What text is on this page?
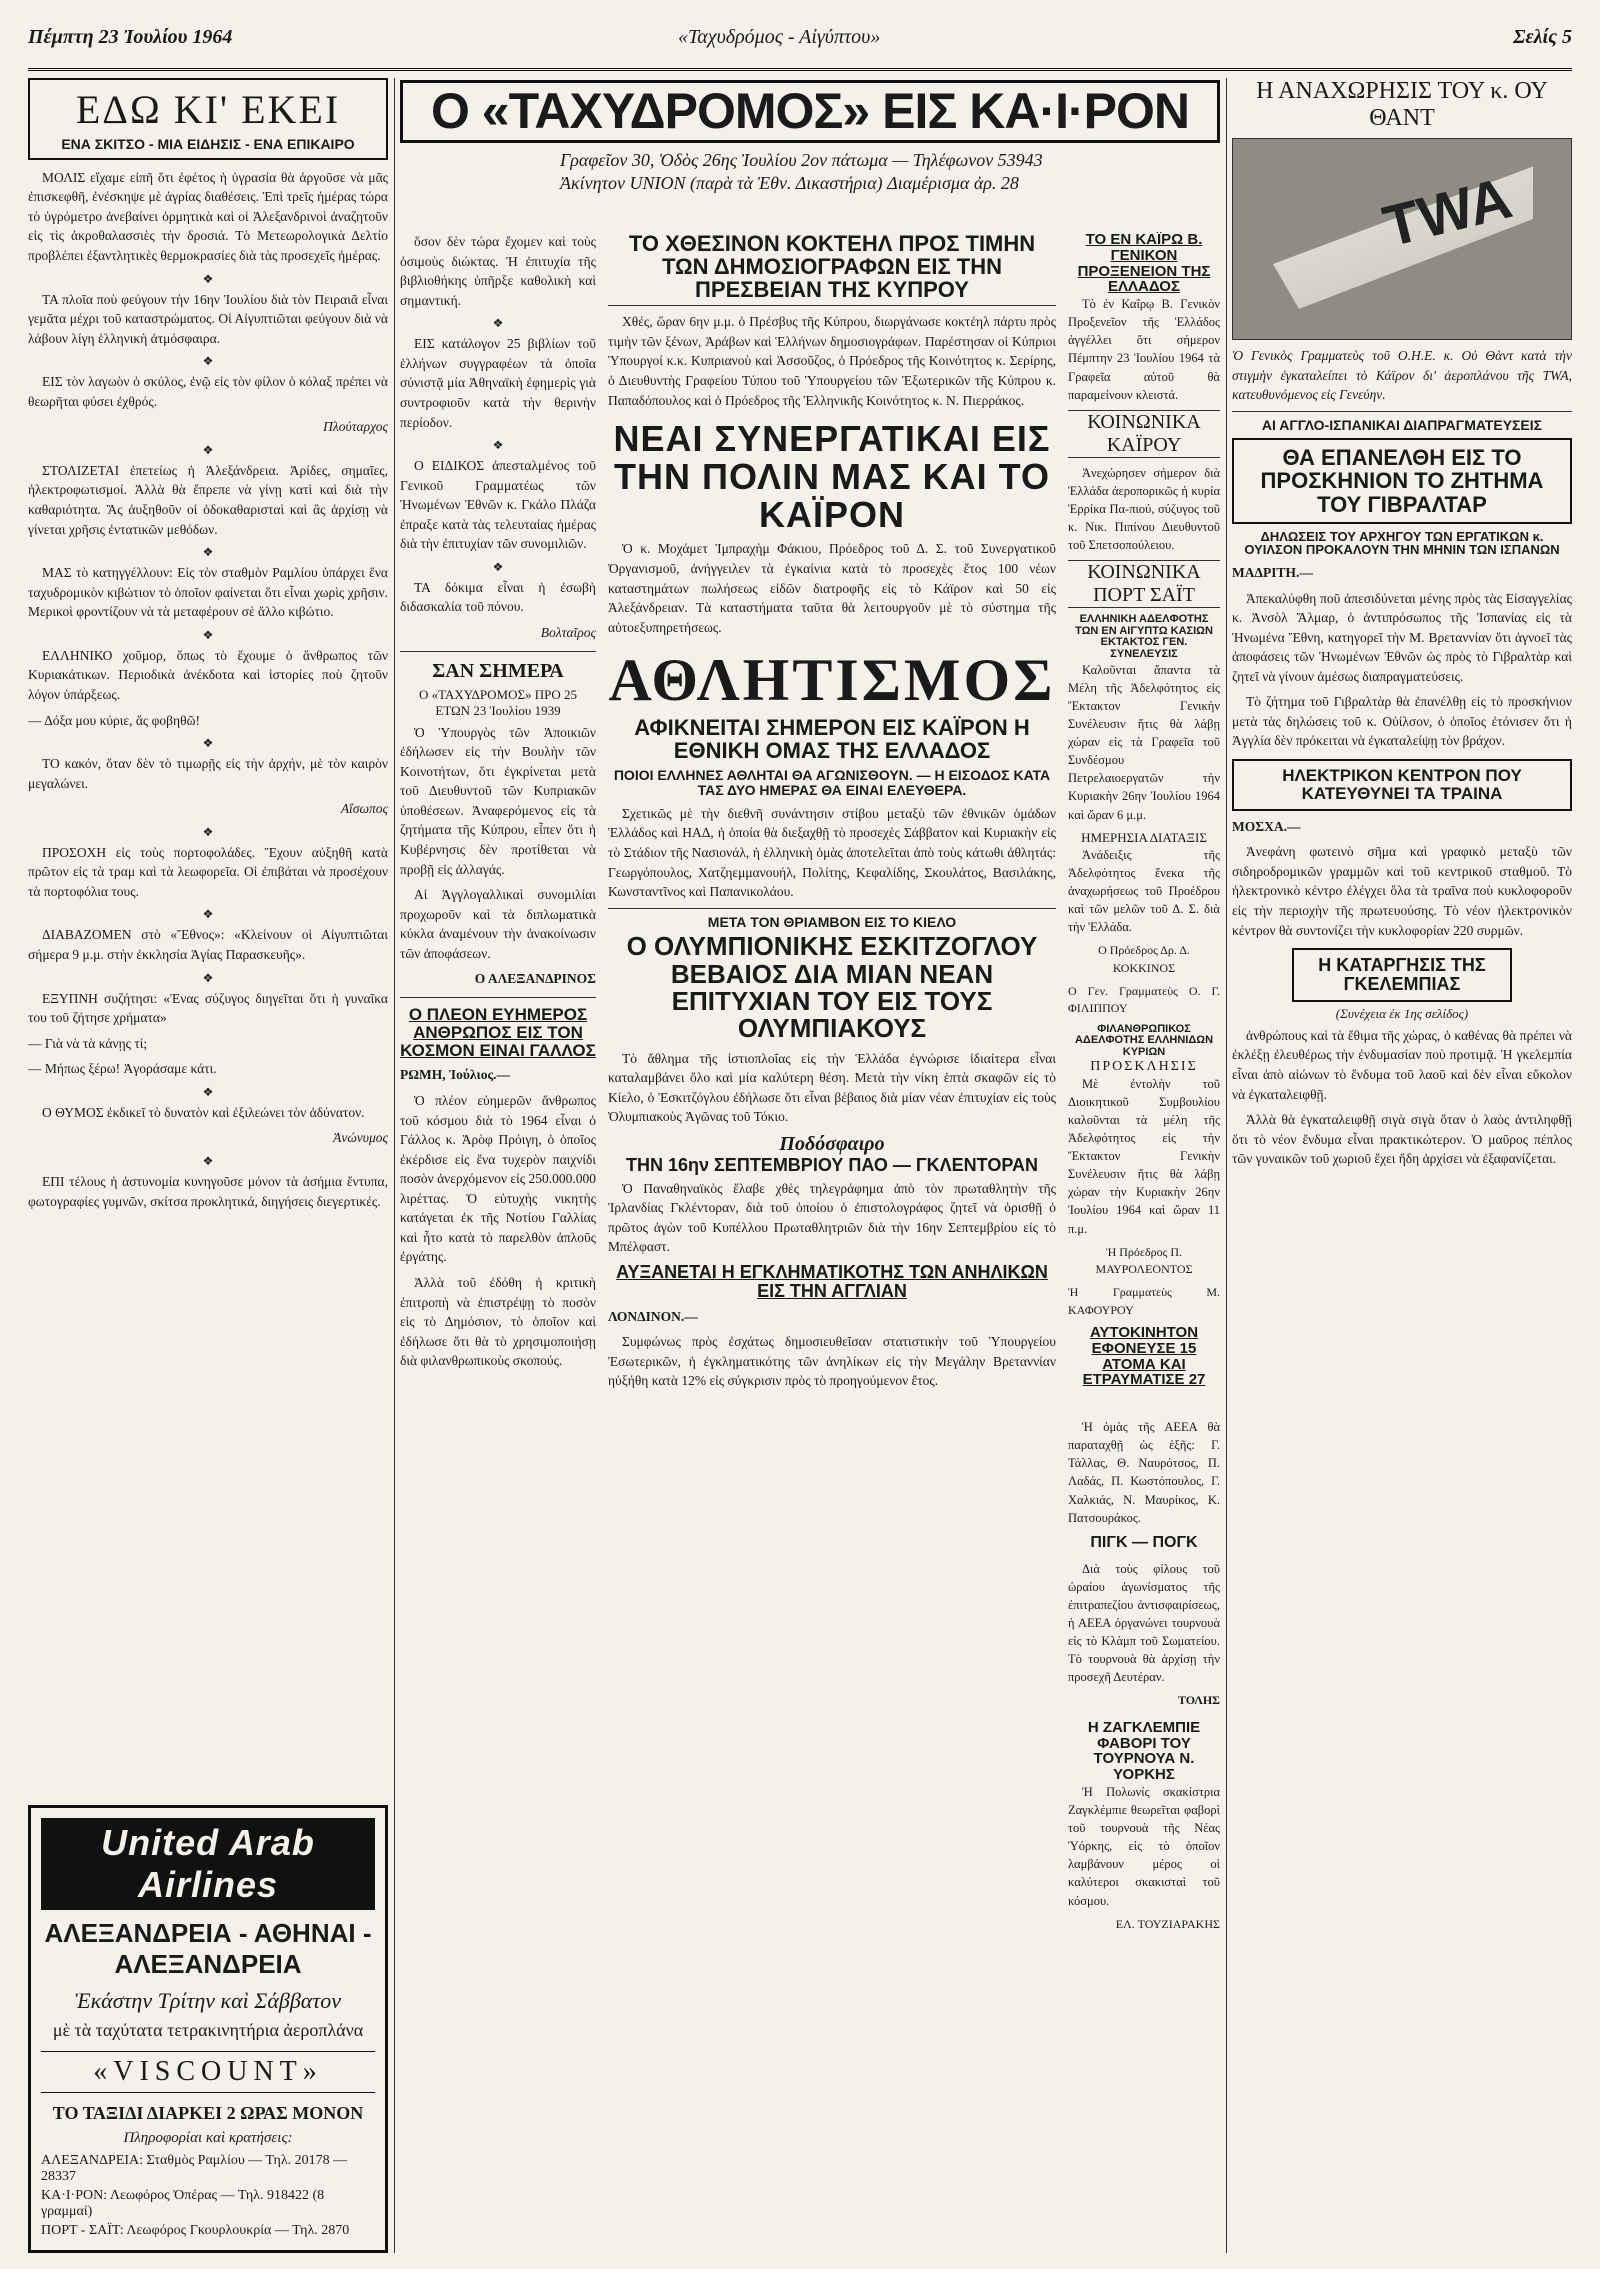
Πέμπτη 23 Ἰουλίου 1964	«Ταχυδρόμος - Αἰγύπτου»	Σελίς 5
Ο «ΤΑΧΥΔΡΟΜΟΣ» ΕΙΣ ΚΑ·Ι·ΡΟΝ
Γραφεῖον 30, Ὁδὸς 26ης Ἰουλίου 2ον πάτωμα — Τηλέφωνον 53943
Ἀκίνητον UNION (παρὰ τὰ Ἐθν. Δικαστήρια) Διαμέρισμα ἀρ. 28
ΕΔΩ ΚΙ' ΕΚΕΙ
ΕΝΑ ΣΚΙΤΣΟ - ΜΙΑ ΕΙΔΗΣΙΣ - ΕΝΑ ΕΠΙΚΑΙΡΟ

ΜΟΛΙΣ εἴχαμε εἰπῆ ὅτι ἐφέτος ἡ ὑγρασία θὰ ἀργοῦσε νὰ μᾶς ἐπισκεφθῆ, ἐνέσκηψε μὲ ἀγρίας διαθέσεις. Ἐπὶ τρεῖς ἡμέρας τώρα τὸ ὑγρόμετρο ἀνεβαίνει ὀρμητικὰ καὶ οἱ Ἀλεξανδρινοὶ ἀναζητοῦν εἰς τὶς ἀκροθαλασσιὲς τὴν δροσιά. Τὸ Μετεωρολογικὰ Δελτίο προβλέπει ἐξαντλητικὲς θερμοκρασίες διὰ τὰς προσεχεῖς ἡμέρας.

❖

ΤΑ πλοῖα ποὺ φεύγουν τὴν 16ην Ἰουλίου διὰ τὸν Πειραιᾶ εἶναι γεμᾶτα μέχρι τοῦ καταστρώματος. Οἱ Αἰγυπτιῶται φεύγουν διὰ νὰ λάβουν λίγη ἑλληνικὴ ἀτμόσφαιρα.

❖

ΕΙΣ τὸν λαγωὸν ὁ σκύλος, ἐνῷ εἰς τὸν φίλον ὁ κόλαξ πρέπει νὰ θεωρῆται φύσει ἐχθρός.

Πλούταρχος

❖

ΣΤΟΛΙΖΕΤΑΙ ἐπετείως ἡ Ἀλεξάνδρεια. Ἀρίδες, σημαῖες, ἠλεκτροφωτισμοί. Ἀλλὰ θὰ ἔπρεπε νὰ γίνῃ κατὶ καὶ διὰ τὴν καθαριότητα. Ἂς ἀυξηθοῦν οἱ ὀδοκαθαρισταὶ καὶ ἂς ἀρχίσῃ νὰ γίνεται χρῆσις ἐντατικῶν μεθόδων.

❖

ΜΑΣ τὸ κατηγγέλλουν: Εἰς τὸν σταθμὸν Ραμλίου ὑπάρχει ἕνα ταχυδρομικὸν κιβώτιον τὸ ὁποῖον φαίνεται ὅτι εἶναι χωρὶς χρῆσιν. Μερικοὶ φροντίζουν νὰ τὰ μεταφέρουν σὲ ἄλλο κιβώτιο.

❖

ΕΛΛΗΝΙΚΟ χοῦμορ, ὅπως τὸ ἔχουμε ὁ ἄνθρωπος τῶν Κυριακάτικων. Περιοδικὰ ἀνέκδοτα καὶ ἱστορίες ποὺ ζητοῦν λόγον ὑπάρξεως.

— Δόξα μου κύριε, ἄς φοβηθῶ!

❖

ΤΟ κακόν, ὅταν δὲν τὸ τιμωρῇς εἰς τὴν ἀρχήν, μὲ τὸν καιρὸν μεγαλώνει.

Αἴσωπος

❖

ΠΡΟΣΟΧΗ εἰς τοὺς πορτοφολάδες. Ἔχουν αὐξηθῆ κατὰ πρῶτον εἰς τὰ τραμ καὶ τὰ λεωφορεῖα. Οἱ ἐπιβάται νὰ προσέχουν τὰ πορτοφόλια τους.

❖

ΔΙΑΒΑΖΟΜΕΝ στὸ «Ἔθνος»: «Κλείνουν οἱ Αἰγυπτιῶται σήμερα 9 μ.μ. στὴν ἐκκλησία Ἁγίας Παρασκευῆς».

❖

ΕΞΥΠΝΗ συζήτησι: «Ἐνας σύζυγος διηγεῖται ὅτι ἡ γυναῖκα του τοῦ ζήτησε χρήματα»

— Γιὰ νὰ τὰ κάνῃς τί;

— Μήπως ξέρω! Ἀγοράσαμε κάτι.

❖

Ο ΘΥΜΟΣ ἐκδικεῖ τὸ δυνατὸν καὶ ἐξιλεώνει τὸν ἀδύνατον.

Ἀνώνυμος

❖

ΕΠΙ τέλους ἡ ἀστυνομία κυνηγοῦσε μόνον τὰ ἀσήμια ἔντυπα, φωτογραφίες γυμνῶν, σκίτσα προκλητικά, διηγήσεις διεγερτικές.

United Arab Airlines
ΑΛΕΞΑΝΔΡΕΙΑ - ΑΘΗΝΑΙ - ΑΛΕΞΑΝΔΡΕΙΑ
Ἑκάστην Τρίτην καὶ Σάββατον
μὲ τὰ ταχύτατα τετρακινητήρια ἀεροπλάνα
«VISCOUNT»
ΤΟ ΤΑΞΙΔΙ ΔΙΑΡΚΕΙ 2 ΩΡΑΣ ΜΟΝΟΝ
Πληροφορίαι καὶ κρατήσεις:
ΑΛΕΞΑΝΔΡΕΙΑ: Σταθμὸς Ραμλίου — Τηλ. 20178 — 28337
ΚΑ·Ι·ΡΟΝ: Λεωφόρος Ὀπέρας — Τηλ. 918422 (8 γραμμαί)
ΠΟΡΤ - ΣΑΪΤ: Λεωφόρος Γκουρλουκρία — Τηλ. 2870

ὅσον δὲν τώρα ἔχομεν καὶ τοὺς ὁσιμοὺς διώκτας. Ἡ ἐπιτυχία τῆς βιβλιοθήκης ὑπῆρξε καθολικὴ καὶ σημαντική.

❖

ΕΙΣ κατάλογον 25 βιβλίων τοῦ ἑλλήνων συγγραφέων τὰ ὁποῖα σύνιστᾷ μία Ἀθηναϊκὴ ἐφημερὶς γιὰ συντροφιοῦν κατὰ τὴν θερινὴν περίοδον.

❖

Ο ΕΙΔΙΚΟΣ ἀπεσταλμένος τοῦ Γενικοῦ Γραμματέως τῶν Ἡνωμένων Ἐθνῶν κ. Γκάλο Πλάζα ἐπραξε κατὰ τὰς τελευταίας ἡμέρας διὰ τὴν ἐπιτυχίαν τῶν συνομιλιῶν.

❖

ΤΑ δόκιμα εἶναι ἡ ἐσωβὴ διδασκαλία τοῦ πόνου.

Βολταῖρος

ΣΑΝ ΣΗΜΕΡΑ
Ο «ΤΑΧΥΔΡΟΜΟΣ» ΠΡΟ 25 ΕΤΩΝ 23 Ἰουλίου 1939

Ὁ Ὑπουργὸς τῶν Ἀποικιῶν ἐδήλωσεν εἰς τὴν Βουλὴν τῶν Κοινοτήτων, ὅτι ἐγκρίνεται μετὰ τοῦ Διευθυντοῦ τῶν Κυπριακῶν ὑποθέσεων. Ἀναφερόμενος εἰς τὰ ζητήματα τῆς Κύπρου, εἶπεν ὅτι ἡ Κυβέρνησις δὲν προτίθεται νὰ προβῇ εἰς ἀλλαγάς.

Αἱ Ἀγγλογαλλικαὶ συνομιλίαι προχωροῦν καὶ τὰ διπλωματικὰ κύκλα ἀναμένουν τὴν ἀνακοίνωσιν τῶν ἀποφάσεων.

Ο ΑΛΕΞΑΝΔΡΙΝΟΣ

Ο ΠΛΕΟΝ ΕΥΗΜΕΡΟΣ ΑΝΘΡΩΠΟΣ ΕΙΣ ΤΟΝ ΚΟΣΜΟΝ ΕΙΝΑΙ ΓΑΛΛΟΣ

ΡΩΜΗ, Ἰούλιος.—

Ὁ πλέον εὐημερῶν ἄνθρωπος τοῦ κόσμου διὰ τὸ 1964 εἶναι ὁ Γάλλος κ. Ἀρὸφ Πρόιγη, ὁ ὁποῖος ἐκέρδισε εἰς ἕνα τυχερὸν παιχνίδι ποσὸν ἀνερχόμενον εἰς 250.000.000 λιρέττας. Ὁ εὐτυχὴς νικητὴς κατάγεται ἐκ τῆς Νοτίου Γαλλίας καὶ ἦτο κατὰ τὸ παρελθὸν ἀπλοῦς ἐργάτης.

Ἀλλὰ τοῦ ἐδόθη ἡ κριτικὴ ἐπιτροπὴ νὰ ἐπιστρέψῃ τὸ ποσὸν εἰς τὸ Δημόσιον, τὸ ὁποῖον καὶ ἐδήλωσε ὅτι θὰ τὸ χρησιμοποιήσῃ διὰ φιλανθρωπικοὺς σκοπούς.

ΤΟ ΧΘΕΣΙΝΟΝ ΚΟΚΤΕΗΛ ΠΡΟΣ ΤΙΜΗΝ ΤΩΝ ΔΗΜΟΣΙΟΓΡΑΦΩΝ ΕΙΣ ΤΗΝ ΠΡΕΣΒΕΙΑΝ ΤΗΣ ΚΥΠΡΟΥ

Χθές, ὥραν 6ην μ.μ. ὁ Πρέσβυς τῆς Κύπρου, διωργάνωσε κοκτέηλ πάρτυ πρὸς τιμὴν τῶν ξένων, Ἀράβων καὶ Ἑλλήνων δημοσιογράφων. Παρέστησαν οἱ Κύπριοι Ὑπουργοί κ.κ. Κυπριανοὺ καὶ Ἀσσοῦζος, ὁ Πρόεδρος τῆς Κοινότητος κ. Σερίρης, ὁ Διευθυντὴς Γραφείου Τύπου τοῦ Ὑπουργείου τῶν Ἐξωτερικῶν τῆς Κύπρου κ. Παπαδόπουλος καὶ ὁ Πρόεδρος τῆς Ἑλληνικῆς Κοινότητος κ. Ν. Πιερράκος.

ΝΕΑΙ ΣΥΝΕΡΓΑΤΙΚΑΙ ΕΙΣ ΤΗΝ ΠΟΛΙΝ ΜΑΣ ΚΑΙ ΤΟ ΚΑΪΡΟΝ

Ὁ κ. Μοχάμετ Ἰμπραχὴμ Φάκιου, Πρόεδρος τοῦ Δ. Σ. τοῦ Συνεργατικοῦ Ὀργανισμοῦ, ἀνήγγειλεν τὰ ἐγκαίνια κατὰ τὸ προσεχὲς ἔτος 100 νέων καταστημάτων πωλήσεως εἰδῶν διατροφῆς εἰς τὸ Κάϊρον καὶ 50 εἰς Ἀλεξάνδρειαν. Τὰ καταστήματα ταῦτα θὰ λειτουργοῦν μὲ τὸ σύστημα τῆς αὐτοεξυπηρετήσεως.

ΑΘΛΗΤΙΣΜΟΣ
ΑΦΙΚΝΕΙΤΑΙ ΣΗΜΕΡΟΝ ΕΙΣ ΚΑΪΡΟΝ Η ΕΘΝΙΚΗ ΟΜΑΣ ΤΗΣ ΕΛΛΑΔΟΣ
ΠΟΙΟΙ ΕΛΛΗΝΕΣ ΑΘΛΗΤΑΙ ΘΑ ΑΓΩΝΙΣΘΟΥΝ. — Η ΕΙΣΟΔΟΣ ΚΑΤΑ ΤΑΣ ΔΥΟ ΗΜΕΡΑΣ ΘΑ ΕΙΝΑΙ ΕΛΕΥΘΕΡΑ.

Σχετικῶς μὲ τὴν διεθνῆ συνάντησιν στίβου μεταξὺ τῶν ἐθνικῶν ὁμάδων Ἑλλάδος καὶ ΗΑΔ, ἡ ὁποία θὰ διεξαχθῇ τὸ προσεχὲς Σάββατον καὶ Κυριακὴν εἰς τὸ Στάδιον τῆς Νασιονάλ, ἡ ἑλληνικὴ ὁμὰς ἀποτελεῖται ἀπὸ τοὺς κάτωθι ἀθλητάς: Γεωργόπουλος, Χατζηεμμανουήλ, Πολίτης, Κεφαλίδης, Σκουλάτος, Βασιλάκης, Κωνσταντῖνος καὶ Παπανικολάου.

ΜΕΤΑ ΤΟΝ ΘΡΙΑΜΒΟΝ ΕΙΣ ΤΟ ΚΙΕΛΟ
Ο ΟΛΥΜΠΙΟΝΙΚΗΣ ΕΣΚΙΤΖΟΓΛΟΥ ΒΕΒΑΙΟΣ ΔΙΑ ΜΙΑΝ ΝΕΑΝ ΕΠΙΤΥΧΙΑΝ ΤΟΥ ΕΙΣ ΤΟΥΣ ΟΛΥΜΠΙΑΚΟΥΣ

Τὸ ἄθλημα τῆς ἱστιοπλοΐας εἰς τὴν Ἑλλάδα ἐγνώρισε ἰδιαίτερα εἶναι καταλαμβάνει ὅλο καὶ μία καλύτερη θέση. Μετὰ τὴν νίκη ἑπτὰ σκαφῶν εἰς τὸ Κίελο, ὁ Ἐσκιτζόγλου ἐδήλωσε ὅτι εἶναι βέβαιος διὰ μίαν νέαν ἐπιτυχίαν εἰς τοὺς Ὀλυμπιακοὺς Ἀγῶνας τοῦ Τόκιο.

Ποδόσφαιρο
ΤΗΝ 16ην ΣΕΠΤΕΜΒΡΙΟΥ ΠΑΟ — ΓΚΛΕΝΤΟΡΑΝ

Ὁ Παναθηναϊκὸς ἔλαβε χθὲς τηλεγράφημα ἀπὸ τὸν πρωταθλητὴν τῆς Ἰρλανδίας Γκλέντοραν, διὰ τοῦ ὁποίου ὁ ἐπιστολογράφος ζητεῖ νὰ ὁρισθῇ ὁ πρῶτος ἀγὼν τοῦ Κυπέλλου Πρωταθλητριῶν διὰ τὴν 16ην Σεπτεμβρίου εἰς τὸ Μπέλφαστ.

ΑΥΞΑΝΕΤΑΙ Η ΕΓΚΛΗΜΑΤΙΚΟΤΗΣ ΤΩΝ ΑΝΗΛΙΚΩΝ ΕΙΣ ΤΗΝ ΑΓΓΛΙΑΝ

ΛΟΝΔΙΝΟΝ.—

Συμφώνως πρὸς ἐσχάτως δημοσιευθεῖσαν στατιστικὴν τοῦ Ὑπουργείου Ἐσωτερικῶν, ἡ ἐγκληματικότης τῶν ἀνηλίκων εἰς τὴν Μεγάλην Βρεταννίαν ηὐξήθη κατὰ 12% εἰς σύγκρισιν πρὸς τὸ προηγούμενον ἔτος.

ΤΟ ΕΝ ΚΑΪΡΩ Β. ΓΕΝΙΚΟΝ ΠΡΟΞΕΝΕΙΟΝ ΤΗΣ ΕΛΛΑΔΟΣ

Τὸ ἐν Καΐρῳ Β. Γενικὸν Προξενεῖον τῆς Ἑλλάδος ἀγγέλλει ὅτι σήμερον Πέμπτην 23 Ἰουλίου 1964 τὰ Γραφεῖα αὐτοῦ θὰ παραμείνουν κλειστά.

ΚΟΙΝΩΝΙΚΑ ΚΑΪΡΟΥ

Ἀνεχώρησεν σήμερον διὰ Ἑλλάδα ἀεροπορικῶς ἡ κυρία Ἑρρίκα Πα-πιού, σύζυγος τοῦ κ. Νικ. Πιπίνου Διευθυντοῦ τοῦ Σπετσοπούλειου.

ΚΟΙΝΩΝΙΚΑ ΠΟΡΤ ΣΑΪΤ
ΕΛΛΗΝΙΚΗ ΑΔΕΛΦΟΤΗΣ ΤΩΝ ΕΝ ΑΙΓΥΠΤΩ ΚΑΣΙΩΝ ΕΚΤΑΚΤΟΣ ΓΕΝ. ΣΥΝΕΛΕΥΣΙΣ

Καλοῦνται ἅπαντα τὰ Μέλη τῆς Ἀδελφότητος εἰς Ἔκτακτον Γενικὴν Συνέλευσιν ἥτις θὰ λάβῃ χώραν εἰς τὰ Γραφεῖα τοῦ Συνδέσμου Πετρελαιοεργατῶν τὴν Κυριακὴν 26ην Ἰουλίου 1964 καὶ ὥραν 6 μ.μ.

ΗΜΕΡΗΣΙΑ ΔΙΑΤΑΞΙΣ

Ἀνάδειξις τῆς Ἀδελφότητος ἕνεκα τῆς ἀναχωρήσεως τοῦ Προέδρου καὶ τῶν μελῶν τοῦ Δ. Σ. διὰ τὴν Ἑλλάδα.

Ο Πρόεδρος Δρ. Δ. ΚΟΚΚΙΝΟΣ

Ο Γεν. Γραμματεὺς Ο. Γ. ΦΙΛΙΠΠΟΥ

ΦΙΛΑΝΘΡΩΠΙΚΟΣ ΑΔΕΛΦΟΤΗΣ ΕΛΛΗΝΙΔΩΝ ΚΥΡΙΩΝ
ΠΡΟΣΚΛΗΣΙΣ

Μὲ ἐντολὴν τοῦ Διοικητικοῦ Συμβουλίου καλοῦνται τὰ μέλη τῆς Ἀδελφότητος εἰς τὴν Ἔκτακτον Γενικὴν Συνέλευσιν ἥτις θὰ λάβῃ χώραν τὴν Κυριακὴν 26ην Ἰουλίου 1964 καὶ ὥραν 11 π.μ.

Ἡ Πρόεδρος Π. ΜΑΥΡΟΛΕΟΝΤΟΣ

Ἡ Γραμματεὺς Μ. ΚΑΦΟΥΡΟΥ

ΑΥΤΟΚΙΝΗΤΟΝ ΕΦΟΝΕΥΣΕ 15 ΑΤΟΜΑ ΚΑΙ ΕΤΡΑΥΜΑΤΙΣΕ 27

Ἡ ὁμὰς τῆς ΑΕΕΑ θὰ παραταχθῇ ὡς ἑξῆς: Γ. Τάλλας, Θ. Ναυρότσος, Π. Λαδάς, Π. Κωστόπουλος, Γ. Χαλκιάς, Ν. Μαυρίκος, Κ. Πατσουράκος.

ΠΙΓΚ — ΠΟΓΚ

Διὰ τοὺς φίλους τοῦ ὡραίου ἀγωνίσματος τῆς ἐπιτραπεζίου ἀντισφαιρίσεως, ἡ ΑΕΕΑ ὀργανώνει τουρνουὰ εἰς τὸ Κλὰμπ τοῦ Σωματείου. Τὸ τουρνουὰ θὰ ἀρχίσῃ τὴν προσεχῆ Δευτέραν.

ΤΟΛΗΣ

Η ΖΑΓΚΛΕΜΠΙΕ ΦΑΒΟΡΙ ΤΟΥ ΤΟΥΡΝΟΥΑ Ν. ΥΟΡΚΗΣ

Ἡ Πολωνίς σκακίστρια Ζαγκλέμπιε θεωρεῖται φαβορὶ τοῦ τουρνουὰ τῆς Νέας Ὑόρκης, εἰς τὸ ὁποῖον λαμβάνουν μέρος οἱ καλύτεροι σκακισταὶ τοῦ κόσμου.

ΕΛ. ΤΟΥΖΙΑΡΑΚΗΣ

Η ΑΝΑΧΩΡΗΣΙΣ ΤΟΥ κ. ΟΥ ΘΑΝΤ
TWA

Ὁ Γενικὸς Γραμματεὺς τοῦ Ο.Η.Ε. κ. Οὐ Θὰντ κατὰ τὴν στιγμὴν ἐγκαταλείπει τὸ Κάϊρον δι' ἀεροπλάνου τῆς TWA, κατευθυνόμενος εἰς Γενεύην.

ΑΙ ΑΓΓΛΟ-ΙΣΠΑΝΙΚΑΙ ΔΙΑΠΡΑΓΜΑΤΕΥΣΕΙΣ
ΘΑ ΕΠΑΝΕΛΘΗ ΕΙΣ ΤΟ ΠΡΟΣΚΗΝΙΟΝ ΤΟ ΖΗΤΗΜΑ ΤΟΥ ΓΙΒΡΑΛΤΑΡ
ΔΗΛΩΣΕΙΣ ΤΟΥ ΑΡΧΗΓΟΥ ΤΩΝ ΕΡΓΑΤΙΚΩΝ κ. ΟΥΙΛΣΟΝ ΠΡΟΚΑΛΟΥΝ ΤΗΝ ΜΗΝΙΝ ΤΩΝ ΙΣΠΑΝΩΝ

ΜΑΔΡΙΤΗ.—

Ἀπεκαλύφθη ποῦ ἀπεσιδύνεται μένης πρὸς τὰς Εἰσαγγελίας κ. Ἀνσὸλ Ἄλμαρ, ὁ ἀντιπρόσωπος τῆς Ἱσπανίας εἰς τὰ Ἡνωμένα Ἔθνη, κατηγορεῖ τὴν Μ. Βρεταννίαν ὅτι ἀγνοεῖ τὰς ἀποφάσεις τῶν Ἡνωμένων Ἐθνῶν ὡς πρὸς τὸ Γιβραλτὰρ καὶ ζητεῖ νὰ γίνουν ἀμέσως διαπραγματεύσεις.

Τὸ ζήτημα τοῦ Γιβραλτὰρ θὰ ἐπανέλθῃ εἰς τὸ προσκήνιον μετὰ τὰς δηλώσεις τοῦ κ. Οὐίλσον, ὁ ὁποῖος ἐτόνισεν ὅτι ἡ Ἀγγλία δὲν πρόκειται νὰ ἐγκαταλείψῃ τὸν βράχον.

ΗΛΕΚΤΡΙΚΟΝ ΚΕΝΤΡΟΝ ΠΟΥ ΚΑΤΕΥΘΥΝΕΙ ΤΑ ΤΡΑΙΝΑ

ΜΟΣΧΑ.—

Ἀνεφάνη φωτεινὸ σῆμα καὶ γραφικὸ μεταξὺ τῶν σιδηροδρομικῶν γραμμῶν καὶ τοῦ κεντρικοῦ σταθμοῦ. Τὸ ἠλεκτρονικὸ κέντρο ἐλέγχει ὅλα τὰ τραῖνα ποὺ κυκλοφοροῦν εἰς τὴν περιοχὴν τῆς πρωτευούσης. Τὸ νέον ἠλεκτρονικὸν κέντρον θὰ συντονίζει τὴν κυκλοφορίαν 220 συρμῶν.

Η ΚΑΤΑΡΓΗΣΙΣ ΤΗΣ ΓΚΕΛΕΜΠΙΑΣ
(Συνέχεια ἐκ 1ης σελίδος)

ἀνθρώπους καὶ τὰ ἔθιμα τῆς χώρας, ὁ καθένας θὰ πρέπει νὰ ἐκλέξῃ ἐλευθέρως τὴν ἐνδυμασίαν ποὺ προτιμᾷ. Ἡ γκελεμπία εἶναι ἀπὸ αἰώνων τὸ ἔνδυμα τοῦ λαοῦ καὶ δὲν εἶναι εὔκολον νὰ ἐγκαταλειφθῇ.

Ἀλλὰ θὰ ἐγκαταλειφθῇ σιγὰ σιγὰ ὅταν ὁ λαὸς ἀντιληφθῇ ὅτι τὸ νέον ἔνδυμα εἶναι πρακτικώτερον. Ὁ μαῦρος πέπλος τῶν γυναικῶν τοῦ χωριοῦ ἔχει ἤδη ἀρχίσει νὰ ἐξαφανίζεται.
